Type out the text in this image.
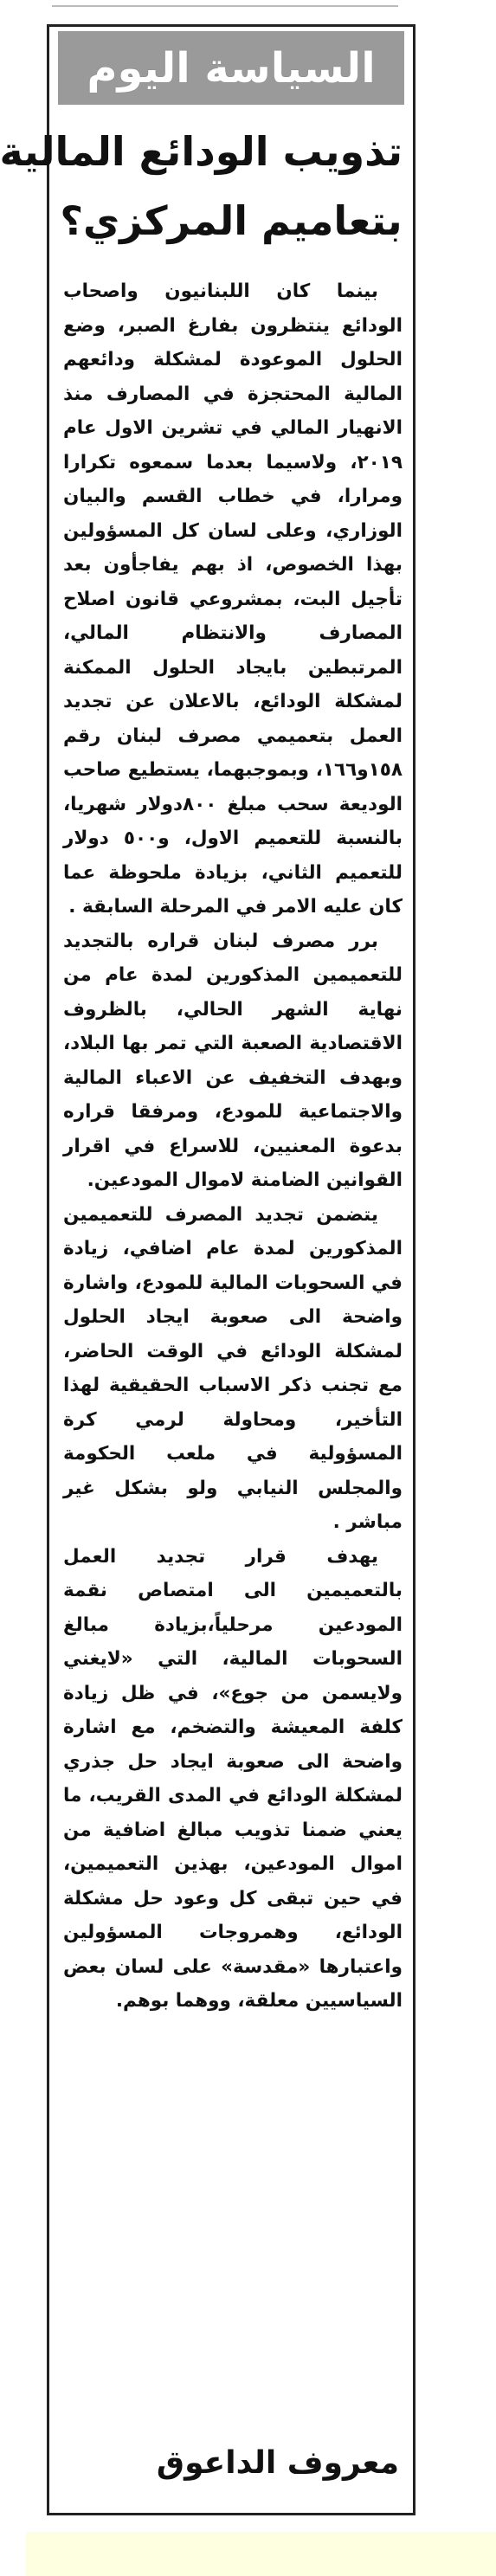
السياسة اليوم
تذويب الودائع المالية
بتعاميم المركزي؟

بينما كان اللبنانيون واصحاب الودائع ينتظرون بفارغ الصبر، وضع الحلول الموعودة لمشكلة ودائعهم المالية المحتجزة في المصارف منذ الانهيار المالي في تشرين الاول عام ٢٠١٩، ولاسيما بعدما سمعوه تكرارا ومرارا، في خطاب القسم والبيان الوزاري، وعلى لسان كل المسؤولين بهذا الخصوص، اذ بهم يفاجأون بعد تأجيل البت، بمشروعي قانون اصلاح المصارف والانتظام المالي، المرتبطين بايجاد الحلول الممكنة لمشكلة الودائع، بالاعلان عن تجديد العمل بتعميمي مصرف لبنان رقم ١٥٨و١٦٦، وبموجبهما، يستطيع صاحب الوديعة سحب مبلغ ٨٠٠دولار شهريا، بالنسبة للتعميم الاول، و٥٠٠ دولار للتعميم الثاني، بزيادة ملحوظة عما كان عليه الامر في المرحلة السابقة .

برر مصرف لبنان قراره بالتجديد للتعميمين المذكورين لمدة عام من نهاية الشهر الحالي، بالظروف الاقتصادية الصعبة التي تمر بها البلاد، وبهدف التخفيف عن الاعباء المالية والاجتماعية للمودع، ومرفقا قراره بدعوة المعنيين، للاسراع في اقرار القوانين الضامنة لاموال المودعين.

يتضمن تجديد المصرف للتعميمين المذكورين لمدة عام اضافي، زيادة في السحوبات المالية للمودع، واشارة واضحة الى صعوبة ايجاد الحلول لمشكلة الودائع في الوقت الحاضر، مع تجنب ذكر الاسباب الحقيقية لهذا التأخير، ومحاولة لرمي كرة المسؤولية في ملعب الحكومة والمجلس النيابي ولو بشكل غير مباشر .

يهدف قرار تجديد العمل بالتعميمين الى امتصاص نقمة المودعين مرحلياً،بزيادة مبالغ السحوبات المالية، التي «لايغني ولايسمن من جوع»، في ظل زيادة كلفة المعيشة والتضخم، مع اشارة واضحة الى صعوبة ايجاد حل جذري لمشكلة الودائع في المدى القريب، ما يعني ضمنا تذويب مبالغ اضافية من اموال المودعين، بهذين التعميمين، في حين تبقى كل وعود حل مشكلة الودائع، وهمروجات المسؤولين واعتبارها «مقدسة» على لسان بعض السياسيين معلقة، ووهما بوهم.

معروف الداعوق
